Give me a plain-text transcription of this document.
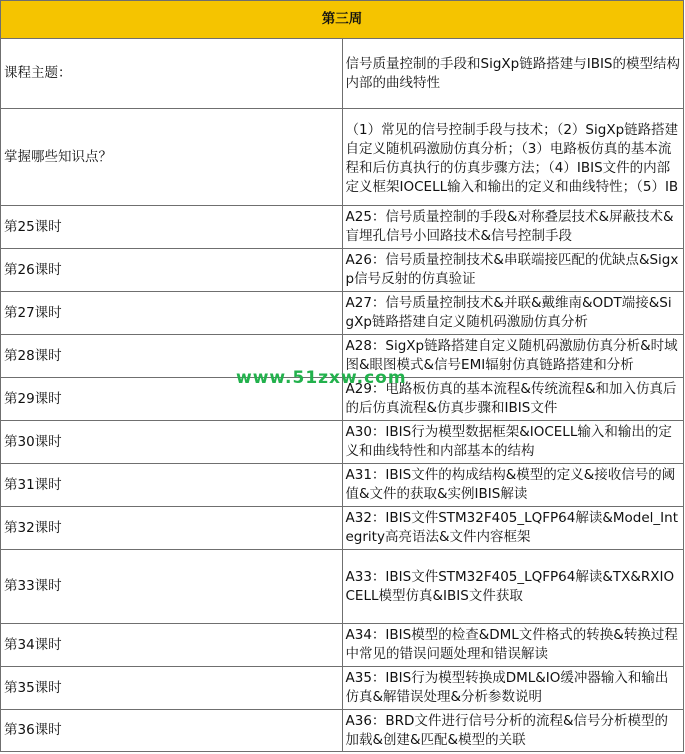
第三周	
课程主题：	信号质量控制的手段和SigXp链路搭建与IBIS的模型结构内部的曲线特性
掌握哪些知识点？	（1）常见的信号控制手段与技术；（2）SigXp链路搭建自定义随机码激励仿真分析；（3）电路板仿真的基本流程和后仿真执行的仿真步骤方法；（4）IBIS文件的内部定义框架IOCELL输入和输出的定义和曲线特性；（5）IB

第25课时	A25：信号质量控制的手段&对称叠层技术&屏蔽技术&盲埋孔信号小回路技术&信号控制手段
第26课时	A26：信号质量控制技术&串联端接匹配的优缺点&Sigxp信号反射的仿真验证
第27课时	A27：信号质量控制技术&并联&戴维南&ODT端接&SigXp链路搭建自定义随机码激励仿真分析
第28课时	A28：SigXp链路搭建自定义随机码激励仿真分析&时域图&眼图模式&信号EMI辐射仿真链路搭建和分析
第29课时	A29：电路板仿真的基本流程&传统流程&和加入仿真后的后仿真流程&仿真步骤和IBIS文件
第30课时	A30：IBIS行为模型数据框架&IOCELL输入和输出的定义和曲线特性和内部基本的结构
第31课时	A31：IBIS文件的构成结构&模型的定义&接收信号的阈值&文件的获取&实例IBIS解读
第32课时	A32：IBIS文件STM32F405_LQFP64解读&Model_Integrity高亮语法&文件内容框架
第33课时	A33：IBIS文件STM32F405_LQFP64解读&TX&RXIOCELL模型仿真&IBIS文件获取
第34课时	A34：IBIS模型的检查&DML文件格式的转换&转换过程中常见的错误问题处理和错误解读
第35课时	A35：IBIS行为模型转换成DML&IO缓冲器输入和输出仿真&解错误处理&分析参数说明
第36课时	A36：BRD文件进行信号分析的流程&信号分析模型的加载&创建&匹配&模型的关联
www.51zxw.com
